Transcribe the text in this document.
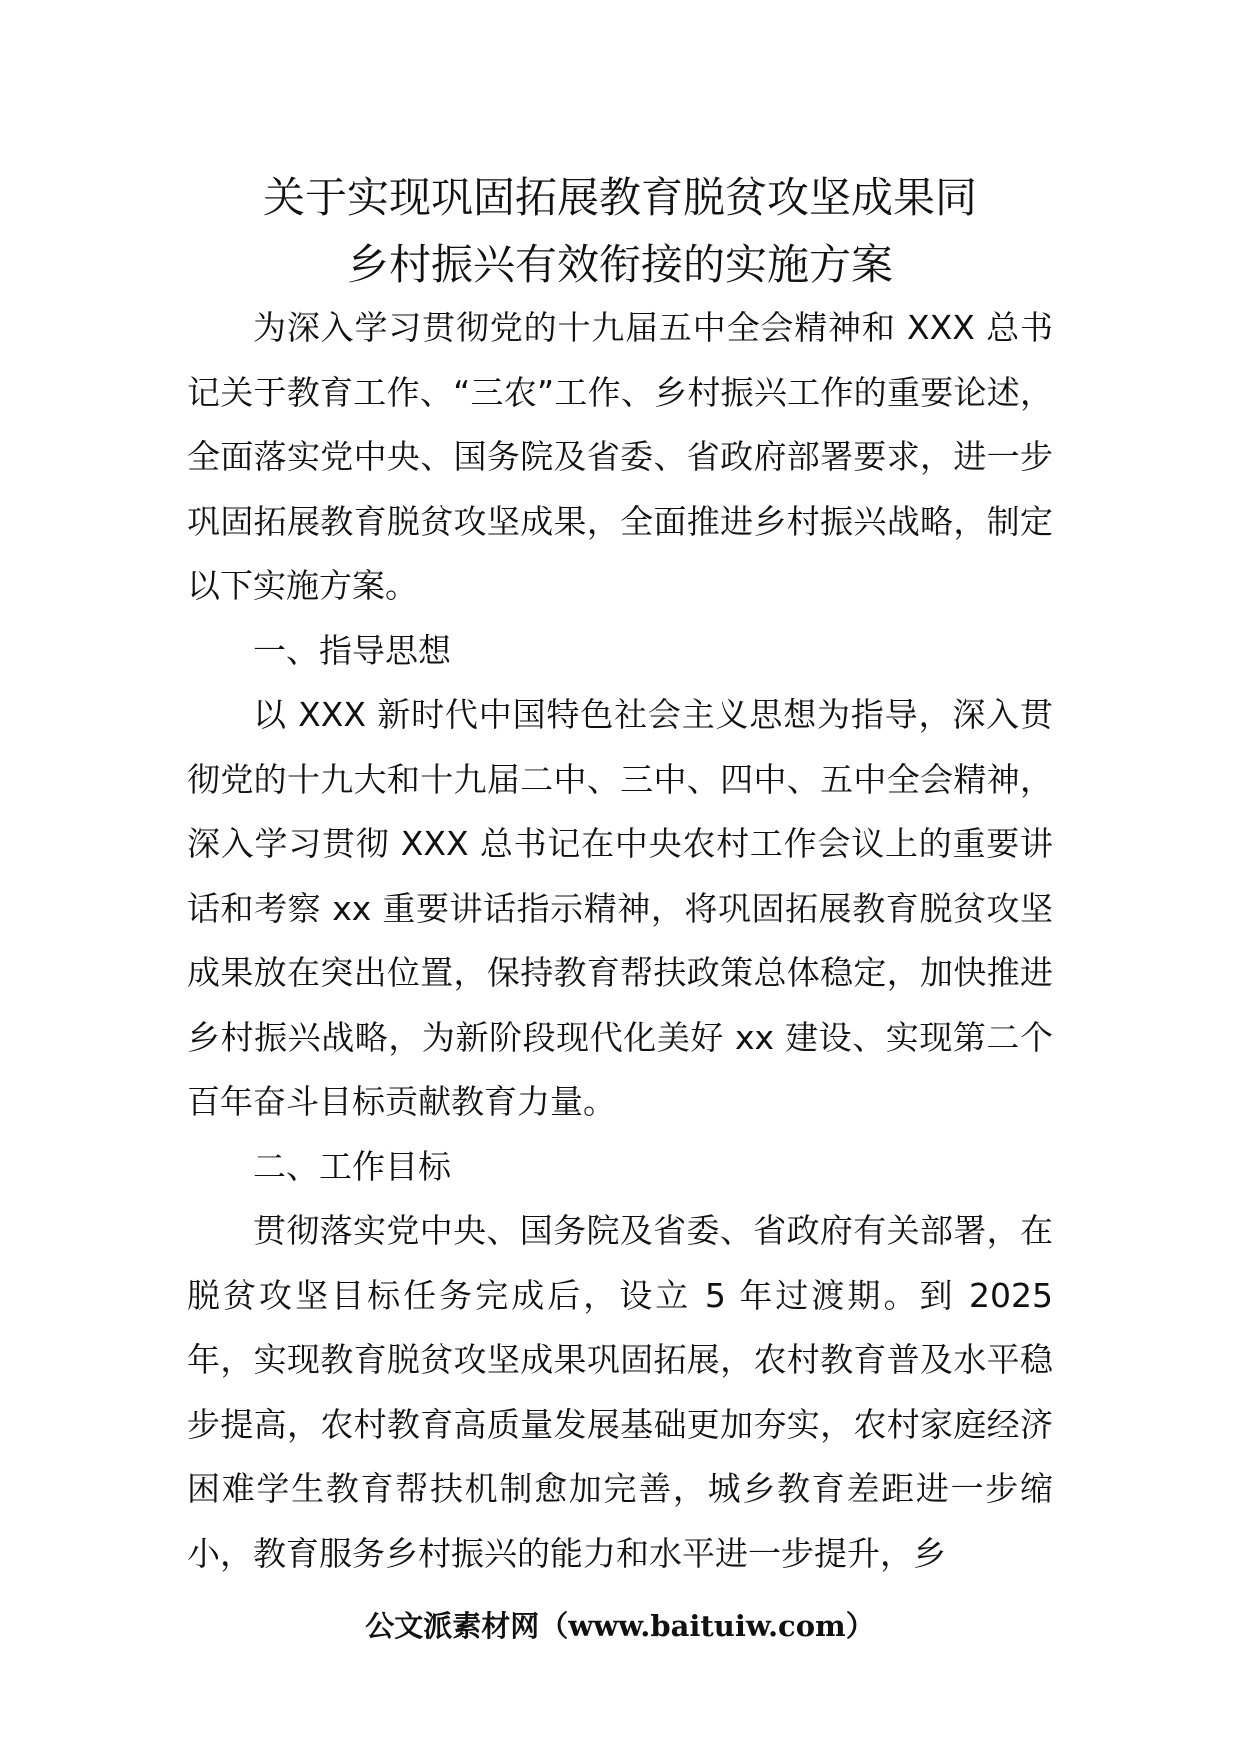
关于实现巩固拓展教育脱贫攻坚成果同
乡村振兴有效衔接的实施方案

为深入学习贯彻党的十九届五中全会精神和 XXX 总书记关于教育工作、“三农”工作、乡村振兴工作的重要论述，全面落实党中央、国务院及省委、省政府部署要求，进一步巩固拓展教育脱贫攻坚成果，全面推进乡村振兴战略，制定以下实施方案。

一、指导思想

以 XXX 新时代中国特色社会主义思想为指导，深入贯彻党的十九大和十九届二中、三中、四中、五中全会精神，深入学习贯彻 XXX 总书记在中央农村工作会议上的重要讲话和考察 xx 重要讲话指示精神，将巩固拓展教育脱贫攻坚成果放在突出位置，保持教育帮扶政策总体稳定，加快推进乡村振兴战略，为新阶段现代化美好 xx 建设、实现第二个百年奋斗目标贡献教育力量。

二、工作目标

贯彻落实党中央、国务院及省委、省政府有关部署，在脱贫攻坚目标任务完成后，设立 5 年过渡期。到 2025 年，实现教育脱贫攻坚成果巩固拓展，农村教育普及水平稳步提高，农村教育高质量发展基础更加夯实，农村家庭经济困难学生教育帮扶机制愈加完善，城乡教育差距进一步缩小，教育服务乡村振兴的能力和水平进一步提升，乡

公文派素材网（www.baituiw.com）
